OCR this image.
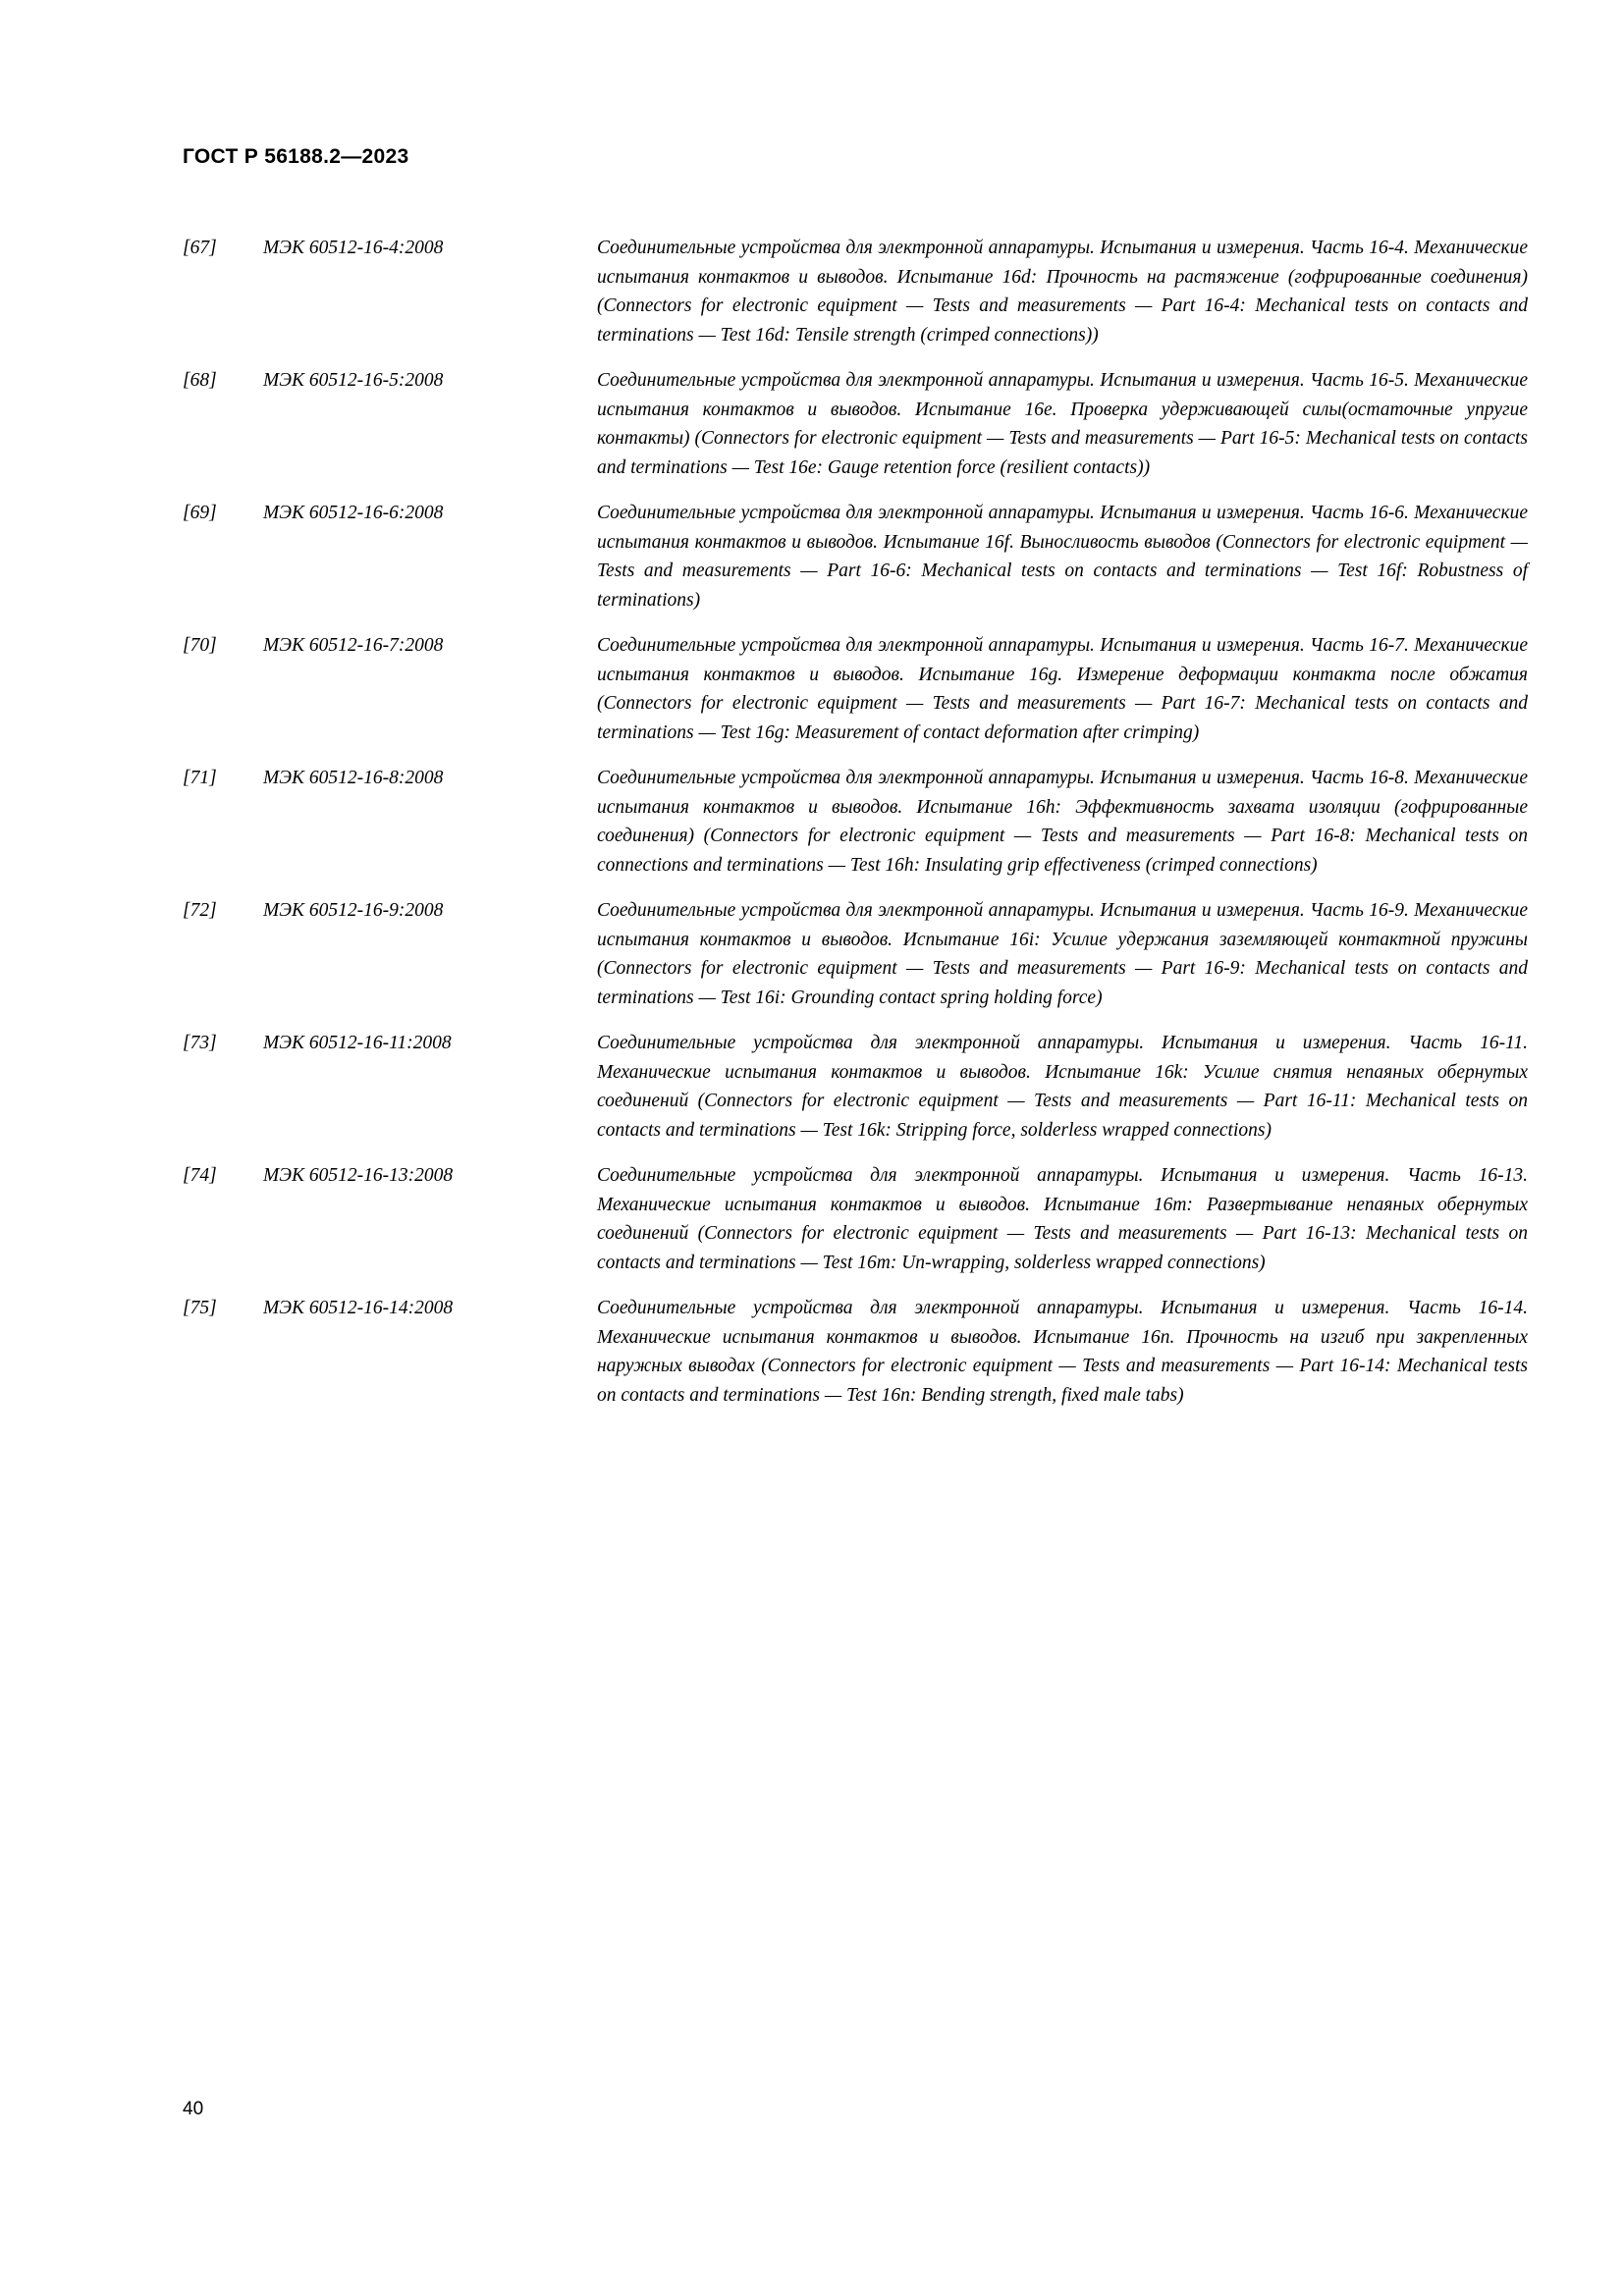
ГОСТ Р 56188.2—2023
[67]	МЭК 60512-16-4:2008	Соединительные устройства для электронной аппаратуры. Испытания и измерения. Часть 16-4. Механические испытания контактов и выводов. Испытание 16d: Прочность на растяжение (гофрированные соединения) (Connectors for electronic equipment — Tests and measurements — Part 16-4: Mechanical tests on contacts and terminations — Test 16d: Tensile strength (crimped connections))
[68]	МЭК 60512-16-5:2008	Соединительные устройства для электронной аппаратуры. Испытания и измерения. Часть 16-5. Механические испытания контактов и выводов. Испытание 16e. Проверка удерживающей силы(остаточные упругие контакты) (Connectors for electronic equipment — Tests and measurements — Part 16-5: Mechanical tests on contacts and terminations — Test 16e: Gauge retention force (resilient contacts))
[69]	МЭК 60512-16-6:2008	Соединительные устройства для электронной аппаратуры. Испытания и измерения. Часть 16-6. Механические испытания контактов и выводов. Испытание 16f. Выносливость выводов (Connectors for electronic equipment — Tests and measurements — Part 16-6: Mechanical tests on contacts and terminations — Test 16f: Robustness of terminations)
[70]	МЭК 60512-16-7:2008	Соединительные устройства для электронной аппаратуры. Испытания и измерения. Часть 16-7. Механические испытания контактов и выводов. Испытание 16g. Измерение деформации контакта после обжатия (Connectors for electronic equipment — Tests and measurements — Part 16-7: Mechanical tests on contacts and terminations — Test 16g: Measurement of contact deformation after crimping)
[71]	МЭК 60512-16-8:2008	Соединительные устройства для электронной аппаратуры. Испытания и измерения. Часть 16-8. Механические испытания контактов и выводов. Испытание 16h: Эффективность захвата изоляции (гофрированные соединения) (Connectors for electronic equipment — Tests and measurements — Part 16-8: Mechanical tests on connections and terminations — Test 16h: Insulating grip effectiveness (crimped connections)
[72]	МЭК 60512-16-9:2008	Соединительные устройства для электронной аппаратуры. Испытания и измерения. Часть 16-9. Механические испытания контактов и выводов. Испытание 16i: Усилие удержания заземляющей контактной пружины (Connectors for electronic equipment — Tests and measurements — Part 16-9: Mechanical tests on contacts and terminations — Test 16i: Grounding contact spring holding force)
[73]	МЭК 60512-16-11:2008	Соединительные устройства для электронной аппаратуры. Испытания и измерения. Часть 16-11. Механические испытания контактов и выводов. Испытание 16k: Усилие снятия непаяных обернутых соединений (Connectors for electronic equipment — Tests and measurements — Part 16-11: Mechanical tests on contacts and terminations — Test 16k: Stripping force, solderless wrapped connections)
[74]	МЭК 60512-16-13:2008	Соединительные устройства для электронной аппаратуры. Испытания и измерения. Часть 16-13. Механические испытания контактов и выводов. Испытание 16m: Развертывание непаяных обернутых соединений (Connectors for electronic equipment — Tests and measurements — Part 16-13: Mechanical tests on contacts and terminations — Test 16m: Un-wrapping, solderless wrapped connections)
[75]	МЭК 60512-16-14:2008	Соединительные устройства для электронной аппаратуры. Испытания и измерения. Часть 16-14. Механические испытания контактов и выводов. Испытание 16n. Прочность на изгиб при закрепленных наружных выводах (Connectors for electronic equipment — Tests and measurements — Part 16-14: Mechanical tests on contacts and terminations — Test 16n: Bending strength, fixed male tabs)
40
